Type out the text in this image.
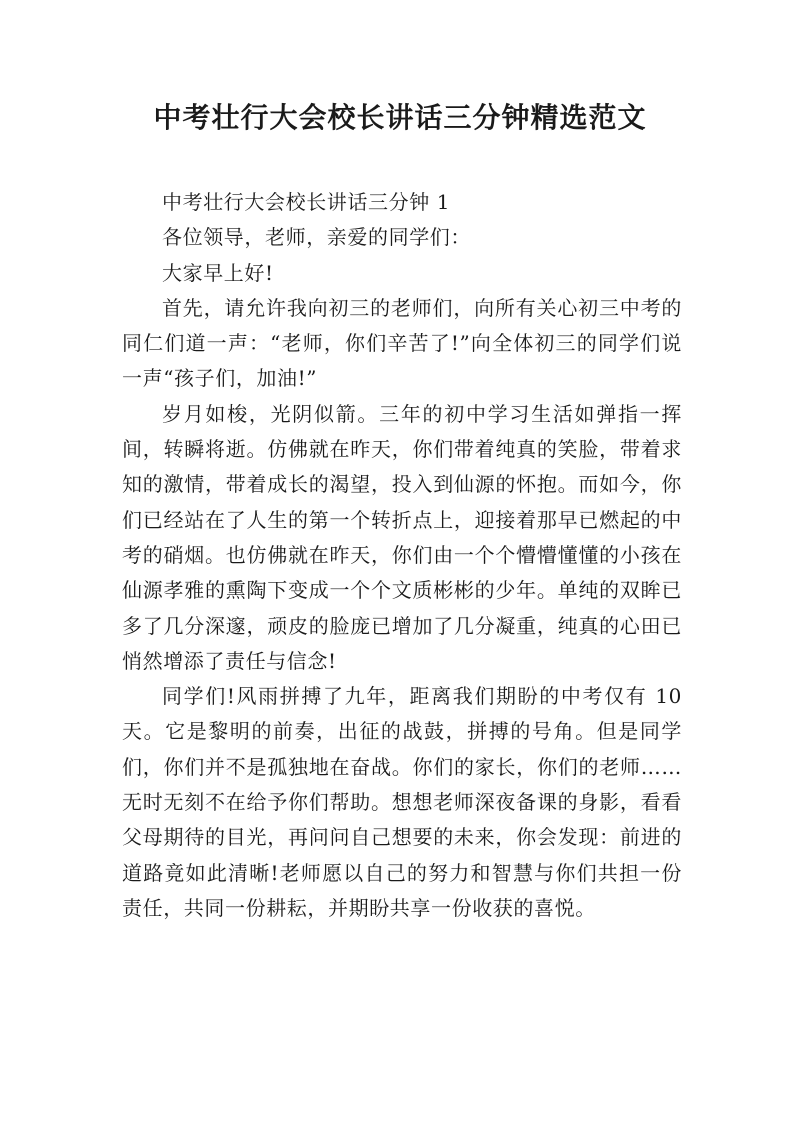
中考壮行大会校长讲话三分钟精选范文

中考壮行大会校长讲话三分钟 1

各位领导，老师，亲爱的同学们：

大家早上好!

首先，请允许我向初三的老师们，向所有关心初三中考的同仁们道一声：“老师，你们辛苦了!”向全体初三的同学们说一声“孩子们，加油!”

岁月如梭，光阴似箭。三年的初中学习生活如弹指一挥间，转瞬将逝。仿佛就在昨天，你们带着纯真的笑脸，带着求知的激情，带着成长的渴望，投入到仙源的怀抱。而如今，你们已经站在了人生的第一个转折点上，迎接着那早已燃起的中考的硝烟。也仿佛就在昨天，你们由一个个懵懵懂懂的小孩在仙源孝雅的熏陶下变成一个个文质彬彬的少年。单纯的双眸已多了几分深邃，顽皮的脸庞已增加了几分凝重，纯真的心田已悄然增添了责任与信念!

同学们!风雨拼搏了九年，距离我们期盼的中考仅有 10 天。它是黎明的前奏，出征的战鼓，拼搏的号角。但是同学们，你们并不是孤独地在奋战。你们的家长，你们的老师……无时无刻不在给予你们帮助。想想老师深夜备课的身影，看看父母期待的目光，再问问自己想要的未来，你会发现：前进的道路竟如此清晰!老师愿以自己的努力和智慧与你们共担一份责任，共同一份耕耘，并期盼共享一份收获的喜悦。
